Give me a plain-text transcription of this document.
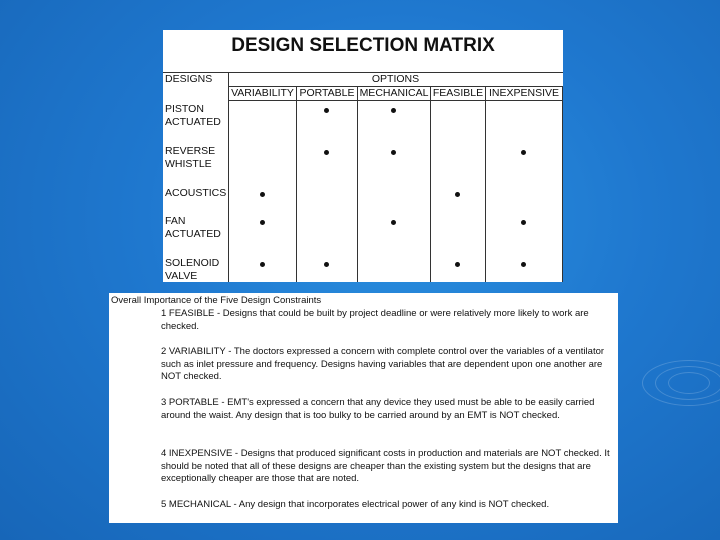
DESIGN SELECTION MATRIX
DESIGNS	OPTIONS
VARIABILITY PORTABLE MECHANICAL FEASIBLE INEXPENSIVE
PISTON ACTUATED
REVERSE WHISTLE
ACOUSTICS
FAN ACTUATED
SOLENOID VALVE
Overall Importance of the Five Design Constraints

1 FEASIBLE - Designs that could be built by project deadline or were relatively more likely to work are checked.

2 VARIABILITY - The doctors expressed a concern with complete control over the variables of a ventilator such as inlet pressure and frequency. Designs having variables that are dependent upon one another are NOT checked.

3 PORTABLE - EMT's expressed a concern that any device they used must be able to be easily carried around the waist. Any design that is too bulky to be carried around by an EMT is NOT checked.

4 INEXPENSIVE - Designs that produced significant costs in production and materials are NOT checked. It should be noted that all of these designs are cheaper than the existing system but the designs that are exceptionally cheaper are those that are noted.

5 MECHANICAL - Any design that incorporates electrical power of any kind is NOT checked.
